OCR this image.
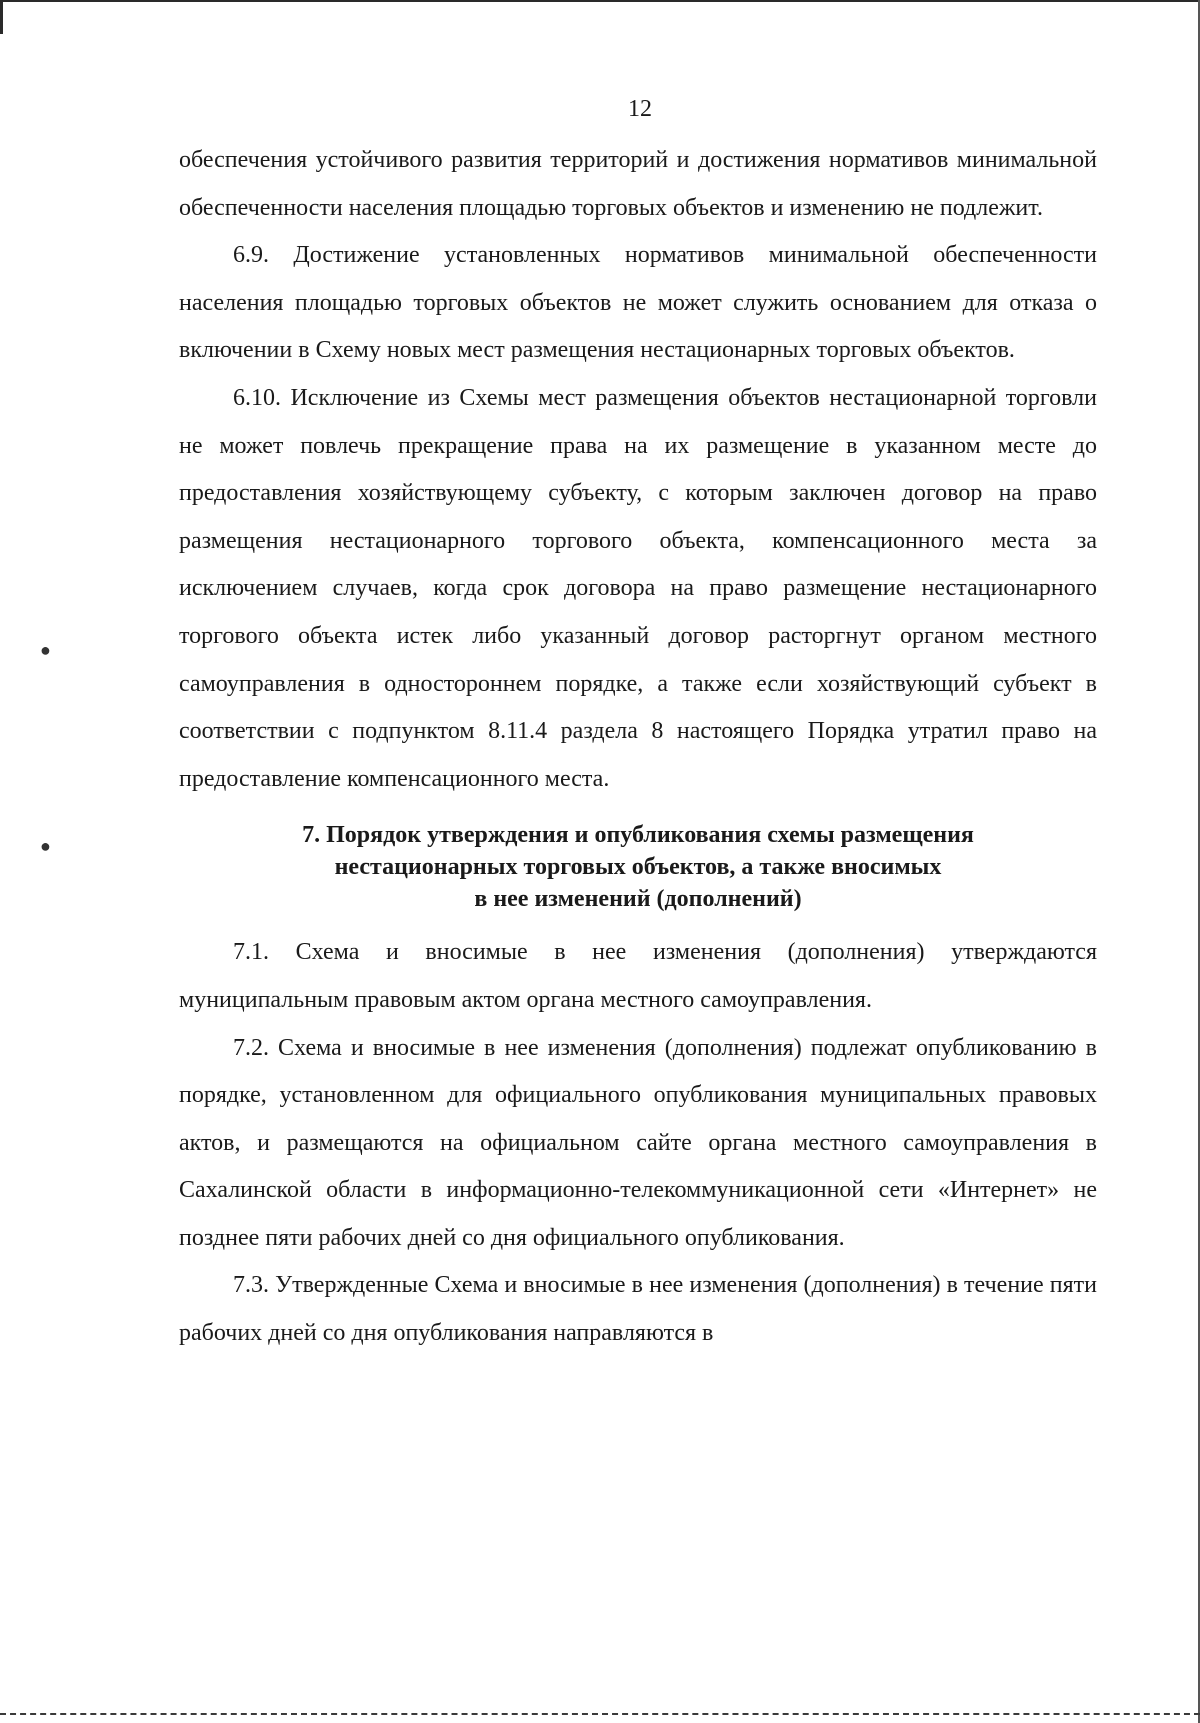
●
●
12

обеспечения устойчивого развития территорий и достижения нормативов минимальной обеспеченности населения площадью торговых объектов и изменению не подлежит.

6.9. Достижение установленных нормативов минимальной обеспеченности населения площадью торговых объектов не может служить основанием для отказа о включении в Схему новых мест размещения нестационарных торговых объектов.

6.10. Исключение из Схемы мест размещения объектов нестационарной торговли не может повлечь прекращение права на их размещение в указанном месте до предоставления хозяйствующему субъекту, с которым заключен договор на право размещения нестационарного торгового объекта, компенсационного места за исключением случаев, когда срок договора на право размещение нестационарного торгового объекта истек либо указанный договор расторгнут органом местного самоуправления в одностороннем порядке, а также если хозяйствующий субъект в соответствии с подпунктом 8.11.4 раздела 8 настоящего Порядка утратил право на предоставление компенсационного места.

7. Порядок утверждения и опубликования схемы размещения
нестационарных торговых объектов, а также вносимых
в нее изменений (дополнений)

7.1. Схема и вносимые в нее изменения (дополнения) утверждаются муниципальным правовым актом органа местного самоуправления.

7.2. Схема и вносимые в нее изменения (дополнения) подлежат опубликованию в порядке, установленном для официального опубликования муниципальных правовых актов, и размещаются на официальном сайте органа местного самоуправления в Сахалинской области в информационно-телекоммуникационной сети «Интернет» не позднее пяти рабочих дней со дня официального опубликования.

7.3. Утвержденные Схема и вносимые в нее изменения (дополнения) в течение пяти рабочих дней со дня опубликования направляются в
